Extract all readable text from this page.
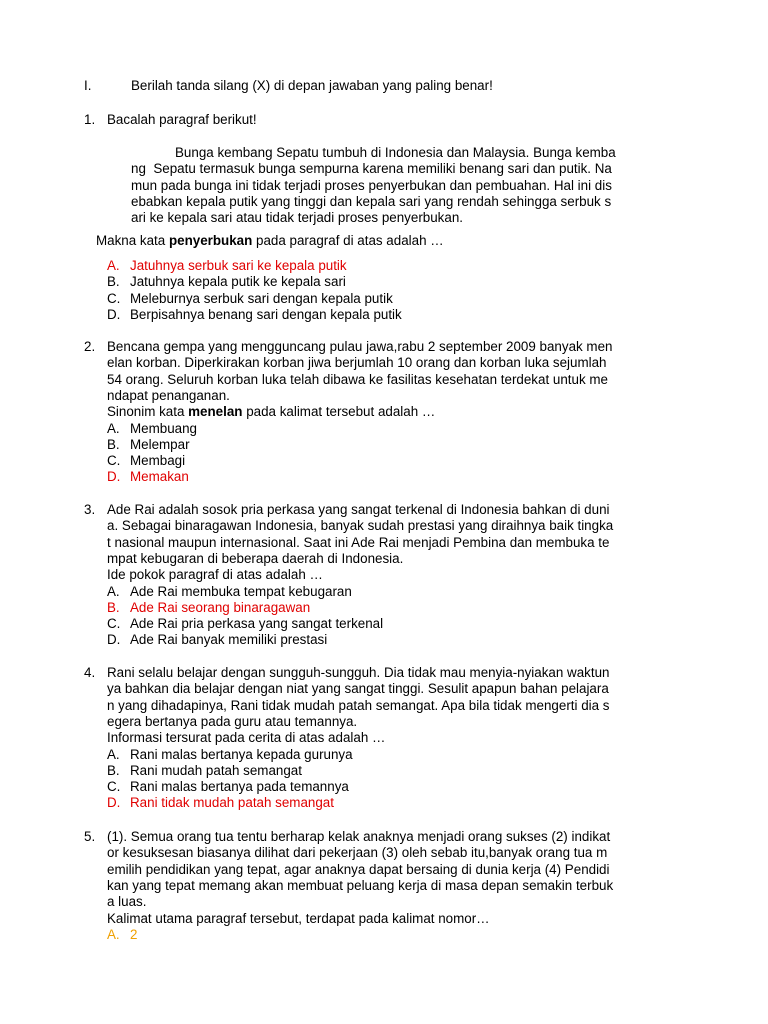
I.	Berilah tanda silang (X) di depan jawaban yang paling benar!
1. Bacalah paragraf berikut!
Bunga kembang Sepatu tumbuh di Indonesia dan Malaysia. Bunga kemba
ng  Sepatu termasuk bunga sempurna karena memiliki benang sari dan putik. Na
mun pada bunga ini tidak terjadi proses penyerbukan dan pembuahan. Hal ini dis
ebabkan kepala putik yang tinggi dan kepala sari yang rendah sehingga serbuk s
ari ke kepala sari atau tidak terjadi proses penyerbukan.
Makna kata penyerbukan pada paragraf di atas adalah …
A. Jatuhnya serbuk sari ke kepala putik
B. Jatuhnya kepala putik ke kepala sari
C. Meleburnya serbuk sari dengan kepala putik
D. Berpisahnya benang sari dengan kepala putik
2. Bencana gempa yang mengguncang pulau jawa,rabu 2 september 2009 banyak men
elan korban. Diperkirakan korban jiwa berjumlah 10 orang dan korban luka sejumlah
54 orang. Seluruh korban luka telah dibawa ke fasilitas kesehatan terdekat untuk me
ndapat penanganan.
Sinonim kata menelan pada kalimat tersebut adalah …
A. Membuang
B. Melempar
C. Membagi
D. Memakan
3. Ade Rai adalah sosok pria perkasa yang sangat terkenal di Indonesia bahkan di duni
a. Sebagai binaragawan Indonesia, banyak sudah prestasi yang diraihnya baik tingka
t nasional maupun internasional. Saat ini Ade Rai menjadi Pembina dan membuka te
mpat kebugaran di beberapa daerah di Indonesia.
Ide pokok paragraf di atas adalah …
A. Ade Rai membuka tempat kebugaran
B. Ade Rai seorang binaragawan
C. Ade Rai pria perkasa yang sangat terkenal
D. Ade Rai banyak memiliki prestasi
4. Rani selalu belajar dengan sungguh-sungguh. Dia tidak mau menyia-nyiakan waktun
ya bahkan dia belajar dengan niat yang sangat tinggi. Sesulit apapun bahan pelajara
n yang dihadapinya, Rani tidak mudah patah semangat. Apa bila tidak mengerti dia s
egera bertanya pada guru atau temannya.
Informasi tersurat pada cerita di atas adalah …
A. Rani malas bertanya kepada gurunya
B. Rani mudah patah semangat
C. Rani malas bertanya pada temannya
D. Rani tidak mudah patah semangat
5. (1). Semua orang tua tentu berharap kelak anaknya menjadi orang sukses (2) indikat
or kesuksesan biasanya dilihat dari pekerjaan (3) oleh sebab itu,banyak orang tua m
emilih pendidikan yang tepat, agar anaknya dapat bersaing di dunia kerja (4) Pendidi
kan yang tepat memang akan membuat peluang kerja di masa depan semakin terbuk
a luas.
Kalimat utama paragraf tersebut, terdapat pada kalimat nomor…
A. 2
